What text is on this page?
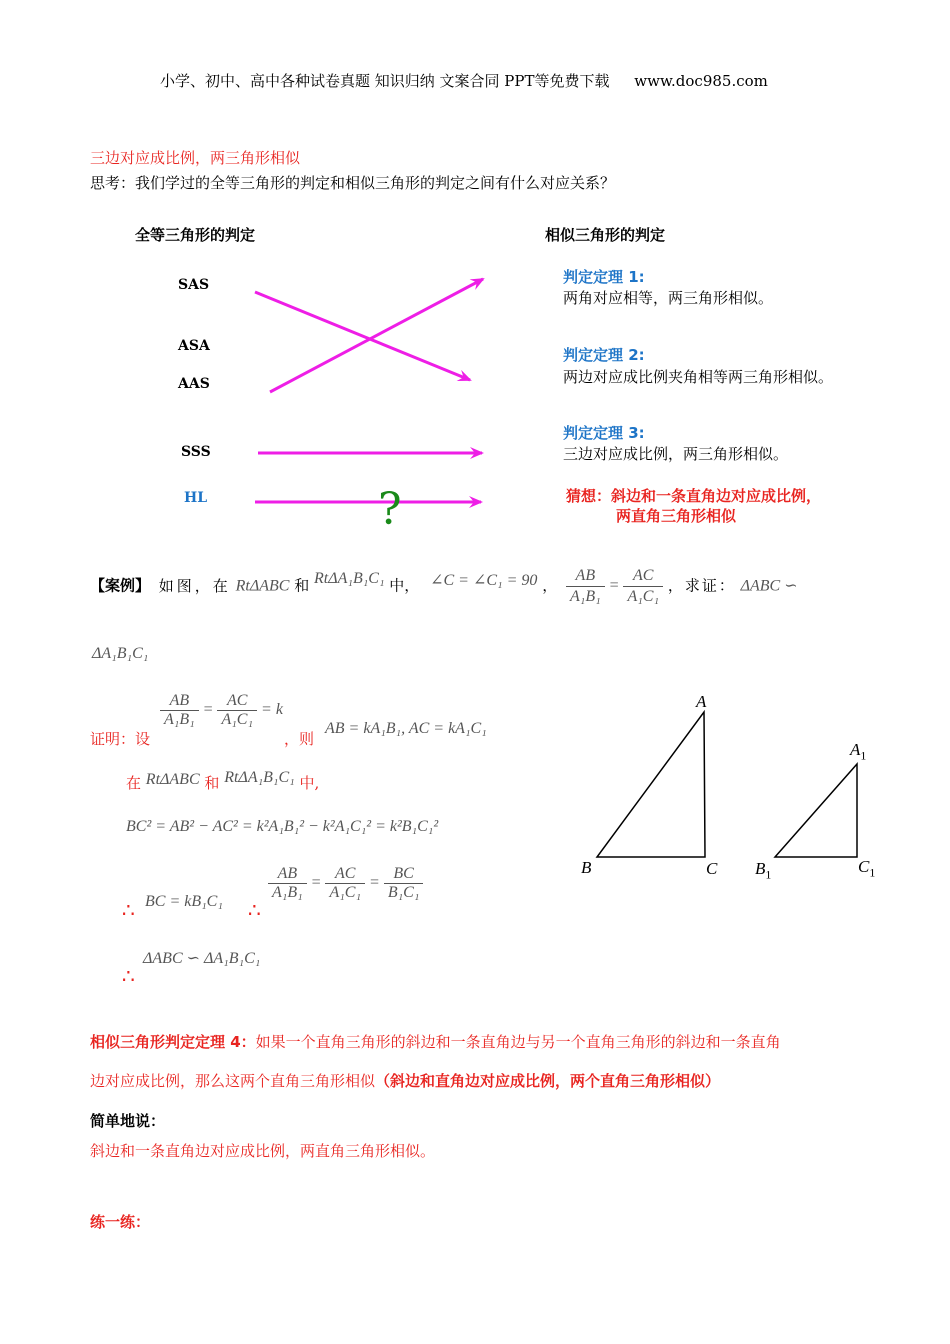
小学、初中、高中各种试卷真题 知识归纳 文案合同 PPT等免费下载 www.doc985.com
三边对应成比例，两三角形相似
思考：我们学过的全等三角形的判定和相似三角形的判定之间有什么对应关系？
全等三角形的判定	相似三角形的判定
SAS
ASA
AAS
SSS
HL	?
判定定理 1:
两角对应相等，两三角形相似。
判定定理 2:
两边对应成比例夹角相等两三角形相似。
判定定理 3:
三边对应成比例，两三角形相似。
猜想：斜边和一条直角边对应成比例，
两直角三角形相似
【案例】 如图，在 RtΔABC 和 RtΔA₁B₁C₁ 中， ∠C = ∠C₁ = 90 ， $\frac{AB}{\text{A₁B₁}} = \frac{AC}{\text{A₁C₁}}$ ，求证： ΔABC ∽
ΔA₁B₁C₁
证明：设
$\frac{AB}{\text{A₁B₁}} = \frac{AC}{\text{A₁C₁}} = k$
，则
AB = kA₁B₁, AC = kA₁C₁
在 RtΔABC 和 RtΔA₁B₁C₁ 中,
BC² = AB² − AC² = k²A₁B₁² − k²A₁C₁² = k²B₁C₁²
∴ BC = kB₁C₁ ∴
$\frac{AB}{\text{A₁B₁}} = \frac{AC}{\text{A₁C₁}} = \frac{BC}{\text{B₁C₁}}$
∴
ΔABC ∽ ΔA₁B₁C₁
A
B	C
$A_1$
$B_1$	$C_1$
相似三角形判定定理 4：如果一个直角三角形的斜边和一条直角边与另一个直角三角形的斜边和一条直角
边对应成比例，那么这两个直角三角形相似（斜边和直角边对应成比例，两个直角三角形相似）
简单地说：
斜边和一条直角边对应成比例，两直角三角形相似。
练一练：
